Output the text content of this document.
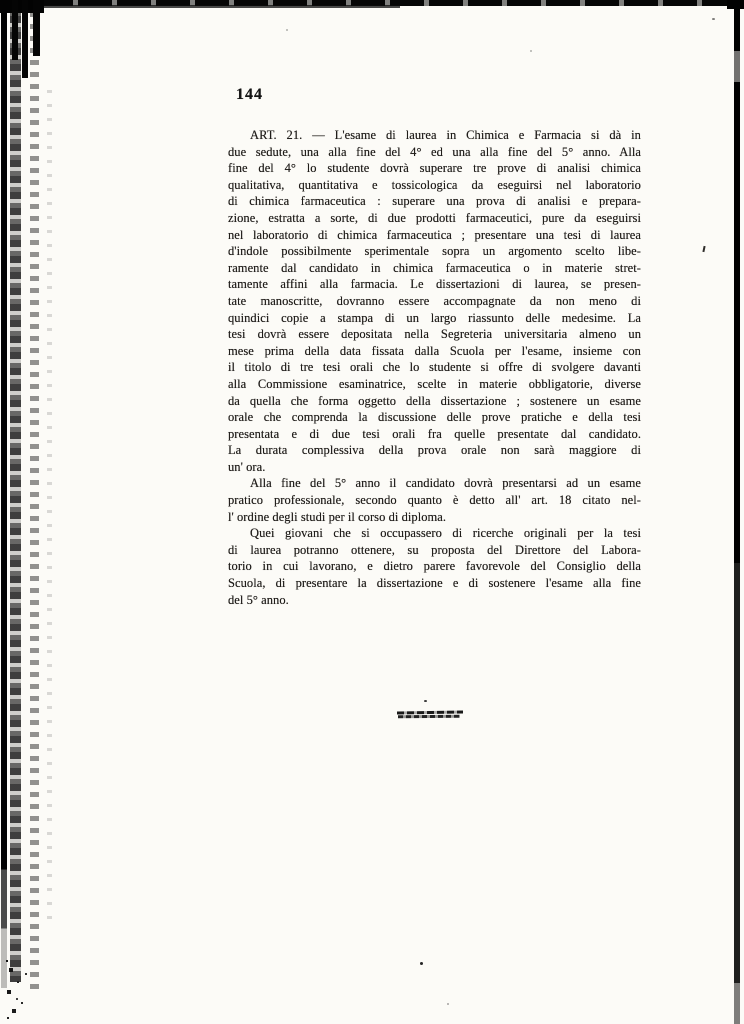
144
ART. 21. — L'esame di laurea in Chimica e Farmacia si dà in
due sedute, una alla fine del 4° ed una alla fine del 5° anno. Alla
fine del 4° lo studente dovrà superare tre prove di analisi chimica
qualitativa, quantitativa e tossicologica da eseguirsi nel laboratorio
di chimica farmaceutica : superare una prova di analisi e prepara-
zione, estratta a sorte, di due prodotti farmaceutici, pure da eseguirsi
nel laboratorio di chimica farmaceutica ; presentare una tesi di laurea
d'indole possibilmente sperimentale sopra un argomento scelto libe-
ramente dal candidato in chimica farmaceutica o in materie stret-
tamente affini alla farmacia. Le dissertazioni di laurea, se presen-
tate manoscritte, dovranno essere accompagnate da non meno di
quindici copie a stampa di un largo riassunto delle medesime. La
tesi dovrà essere depositata nella Segreteria universitaria almeno un
mese prima della data fissata dalla Scuola per l'esame, insieme con
il titolo di tre tesi orali che lo studente si offre di svolgere davanti
alla Commissione esaminatrice, scelte in materie obbligatorie, diverse
da quella che forma oggetto della dissertazione ; sostenere un esame
orale che comprenda la discussione delle prove pratiche e della tesi
presentata e di due tesi orali fra quelle presentate dal candidato.
La durata complessiva della prova orale non sarà maggiore di
un' ora.
Alla fine del 5° anno il candidato dovrà presentarsi ad un esame
pratico professionale, secondo quanto è detto all' art. 18 citato nel-
l' ordine degli studi per il corso di diploma.
Quei giovani che si occupassero di ricerche originali per la tesi
di laurea potranno ottenere, su proposta del Direttore del Labora-
torio in cui lavorano, e dietro parere favorevole del Consiglio della
Scuola, di presentare la dissertazione e di sostenere l'esame alla fine
del 5° anno.
